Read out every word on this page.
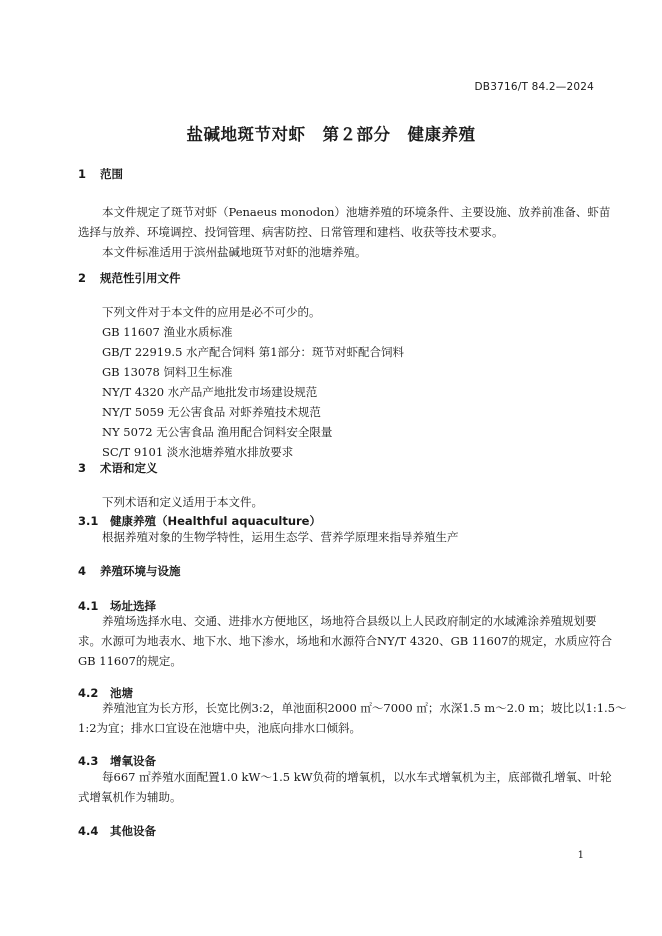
DB3716/T 84.2—2024
盐碱地斑节对虾　第２部分　健康养殖
1 范围
本文件规定了斑节对虾（Penaeus monodon）池塘养殖的环境条件、主要设施、放养前准备、虾苗
选择与放养、环境调控、投饲管理、病害防控、日常管理和建档、收获等技术要求。
本文件标准适用于滨州盐碱地斑节对虾的池塘养殖。
2 规范性引用文件
下列文件对于本文件的应用是必不可少的。
GB 11607 渔业水质标准
GB/T 22919.5 水产配合饲料 第1部分：斑节对虾配合饲料
GB 13078 饲料卫生标准
NY/T 4320 水产品产地批发市场建设规范
NY/T 5059 无公害食品 对虾养殖技术规范
NY 5072 无公害食品 渔用配合饲料安全限量
SC/T 9101 淡水池塘养殖水排放要求
3 术语和定义
下列术语和定义适用于本文件。
3.1 健康养殖（Healthful aquaculture）
根据养殖对象的生物学特性，运用生态学、营养学原理来指导养殖生产
4 养殖环境与设施
4.1 场址选择
养殖场选择水电、交通、进排水方便地区，场地符合县级以上人民政府制定的水域滩涂养殖规划要
求。水源可为地表水、地下水、地下渗水，场地和水源符合NY/T 4320、GB 11607的规定，水质应符合
GB 11607的规定。
4.2 池塘
养殖池宜为长方形，长宽比例3:2，单池面积2000 ㎡～7000 ㎡；水深1.5 m～2.0 m；坡比以1:1.5～
1:2为宜；排水口宜设在池塘中央，池底向排水口倾斜。
4.3 增氧设备
每667 ㎡养殖水面配置1.0 kW～1.5 kW负荷的增氧机，以水车式增氧机为主，底部微孔增氧、叶轮
式增氧机作为辅助。
4.4 其他设备
1
